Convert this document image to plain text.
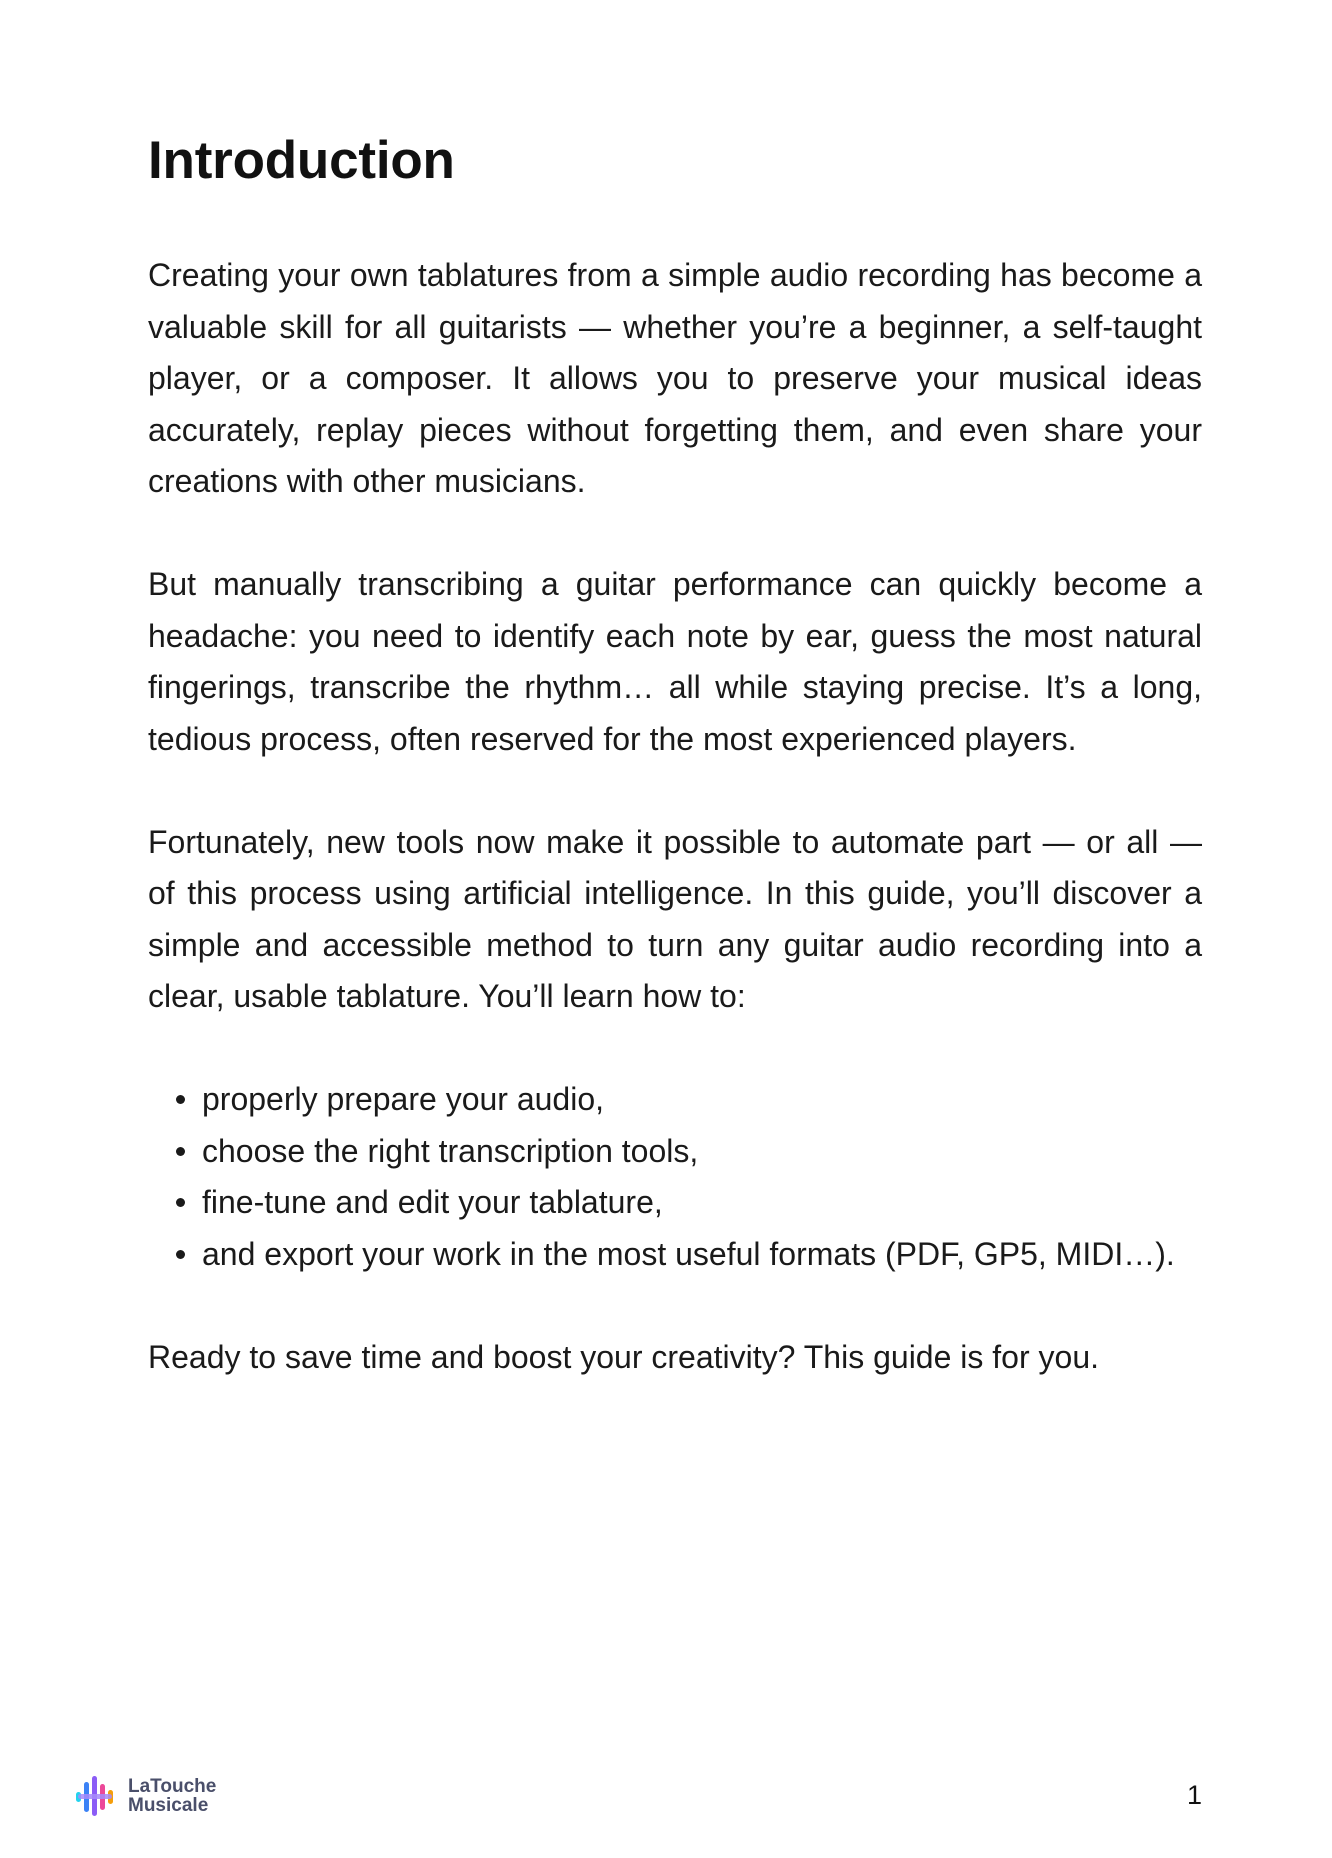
Introduction

Creating your own tablatures from a simple audio recording has become a valuable skill for all guitarists — whether you’re a beginner, a self-taught player, or a composer. It allows you to preserve your musical ideas accurately, replay pieces without forgetting them, and even share your creations with other musicians.

But manually transcribing a guitar performance can quickly become a headache: you need to identify each note by ear, guess the most natural fingerings, transcribe the rhythm… all while staying precise. It’s a long, tedious process, often reserved for the most experienced players.

Fortunately, new tools now make it possible to automate part — or all — of this process using artificial intelligence. In this guide, you’ll discover a simple and accessible method to turn any guitar audio recording into a clear, usable tablature. You’ll learn how to:

properly prepare your audio,
choose the right transcription tools,
fine-tune and edit your tablature,
and export your work in the most useful formats (PDF, GP5, MIDI…).

Ready to save time and boost your creativity? This guide is for you.

LaTouche
Musicale	1
